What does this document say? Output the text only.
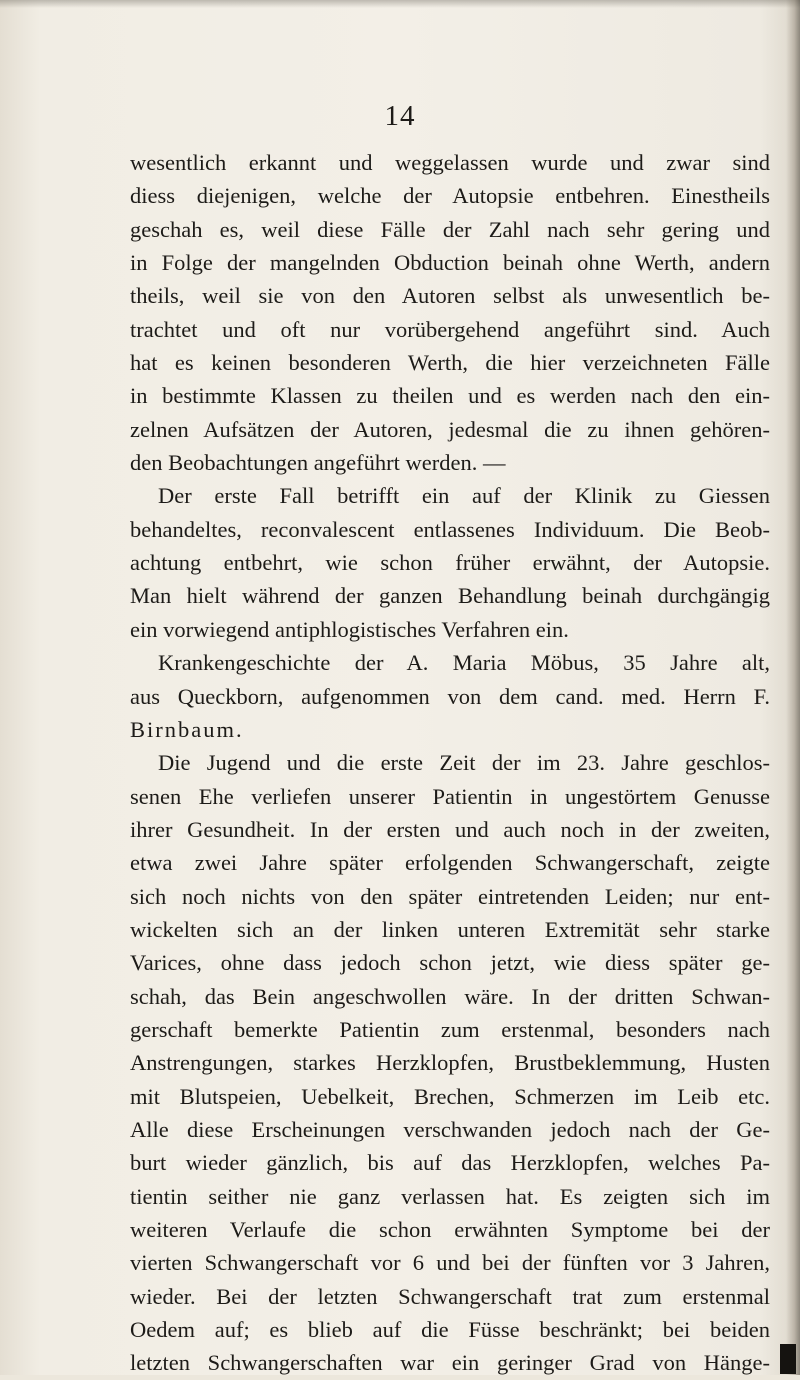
14
wesentlich erkannt und weggelassen wurde und zwar sind
diess diejenigen, welche der Autopsie entbehren. Einestheils
geschah es, weil diese Fälle der Zahl nach sehr gering und
in Folge der mangelnden Obduction beinah ohne Werth, andern
theils, weil sie von den Autoren selbst als unwesentlich be-
trachtet und oft nur vorübergehend angeführt sind. Auch
hat es keinen besonderen Werth, die hier verzeichneten Fälle
in bestimmte Klassen zu theilen und es werden nach den ein-
zelnen Aufsätzen der Autoren, jedesmal die zu ihnen gehören-
den Beobachtungen angeführt werden. —
Der erste Fall betrifft ein auf der Klinik zu Giessen
behandeltes, reconvalescent entlassenes Individuum. Die Beob-
achtung entbehrt, wie schon früher erwähnt, der Autopsie.
Man hielt während der ganzen Behandlung beinah durchgängig
ein vorwiegend antiphlogistisches Verfahren ein.
Krankengeschichte der A. Maria Möbus, 35 Jahre alt,
aus Queckborn, aufgenommen von dem cand. med. Herrn F.
Birnbaum.
Die Jugend und die erste Zeit der im 23. Jahre geschlos-
senen Ehe verliefen unserer Patientin in ungestörtem Genusse
ihrer Gesundheit. In der ersten und auch noch in der zweiten,
etwa zwei Jahre später erfolgenden Schwangerschaft, zeigte
sich noch nichts von den später eintretenden Leiden; nur ent-
wickelten sich an der linken unteren Extremität sehr starke
Varices, ohne dass jedoch schon jetzt, wie diess später ge-
schah, das Bein angeschwollen wäre. In der dritten Schwan-
gerschaft bemerkte Patientin zum erstenmal, besonders nach
Anstrengungen, starkes Herzklopfen, Brustbeklemmung, Husten
mit Blutspeien, Uebelkeit, Brechen, Schmerzen im Leib etc.
Alle diese Erscheinungen verschwanden jedoch nach der Ge-
burt wieder gänzlich, bis auf das Herzklopfen, welches Pa-
tientin seither nie ganz verlassen hat. Es zeigten sich im
weiteren Verlaufe die schon erwähnten Symptome bei der
vierten Schwangerschaft vor 6 und bei der fünften vor 3 Jahren,
wieder. Bei der letzten Schwangerschaft trat zum erstenmal
Oedem auf; es blieb auf die Füsse beschränkt; bei beiden
letzten Schwangerschaften war ein geringer Grad von Hänge-
